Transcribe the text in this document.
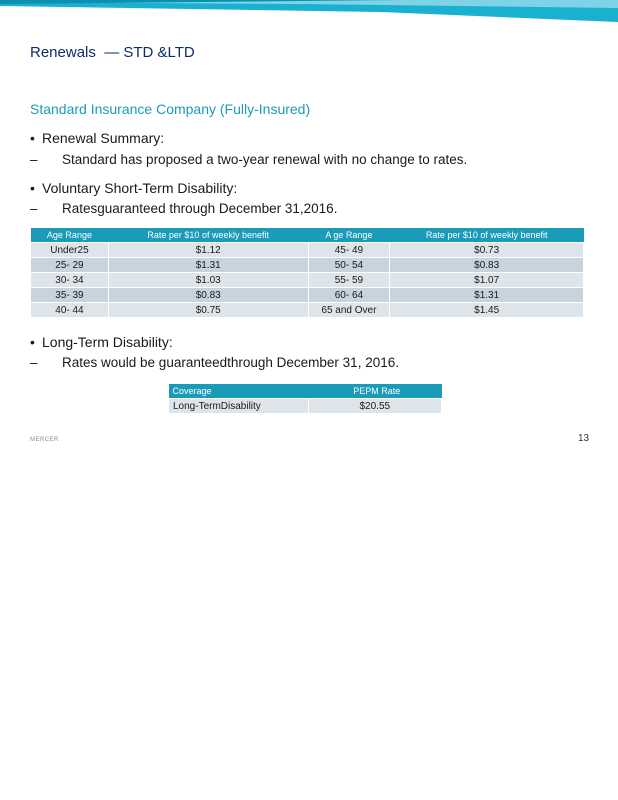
Renewals  — STD &LTD
Standard Insurance Company (Fully-Insured)
• Renewal Summary:
– Standard has proposed a two-year renewal with no change to rates.
• Voluntary Short-Term Disability:
– Ratesguaranteed through December 31,2016.
Age Range	Rate per $10 of weekly benefit	A ge Range	Rate per $10 of weekly benefit
Under25	$1.12	45- 49	$0.73
25- 29	$1.31	50- 54	$0.83
30- 34	$1.03	55- 59	$1.07
35- 39	$0.83	60- 64	$1.31
40- 44	$0.75	65 and Over	$1.45
• Long-Term Disability:
– Rates would be guaranteedthrough December 31, 2016.
Coverage	PEPM Rate
Long-TermDisability	$20.55
MERCER	13
